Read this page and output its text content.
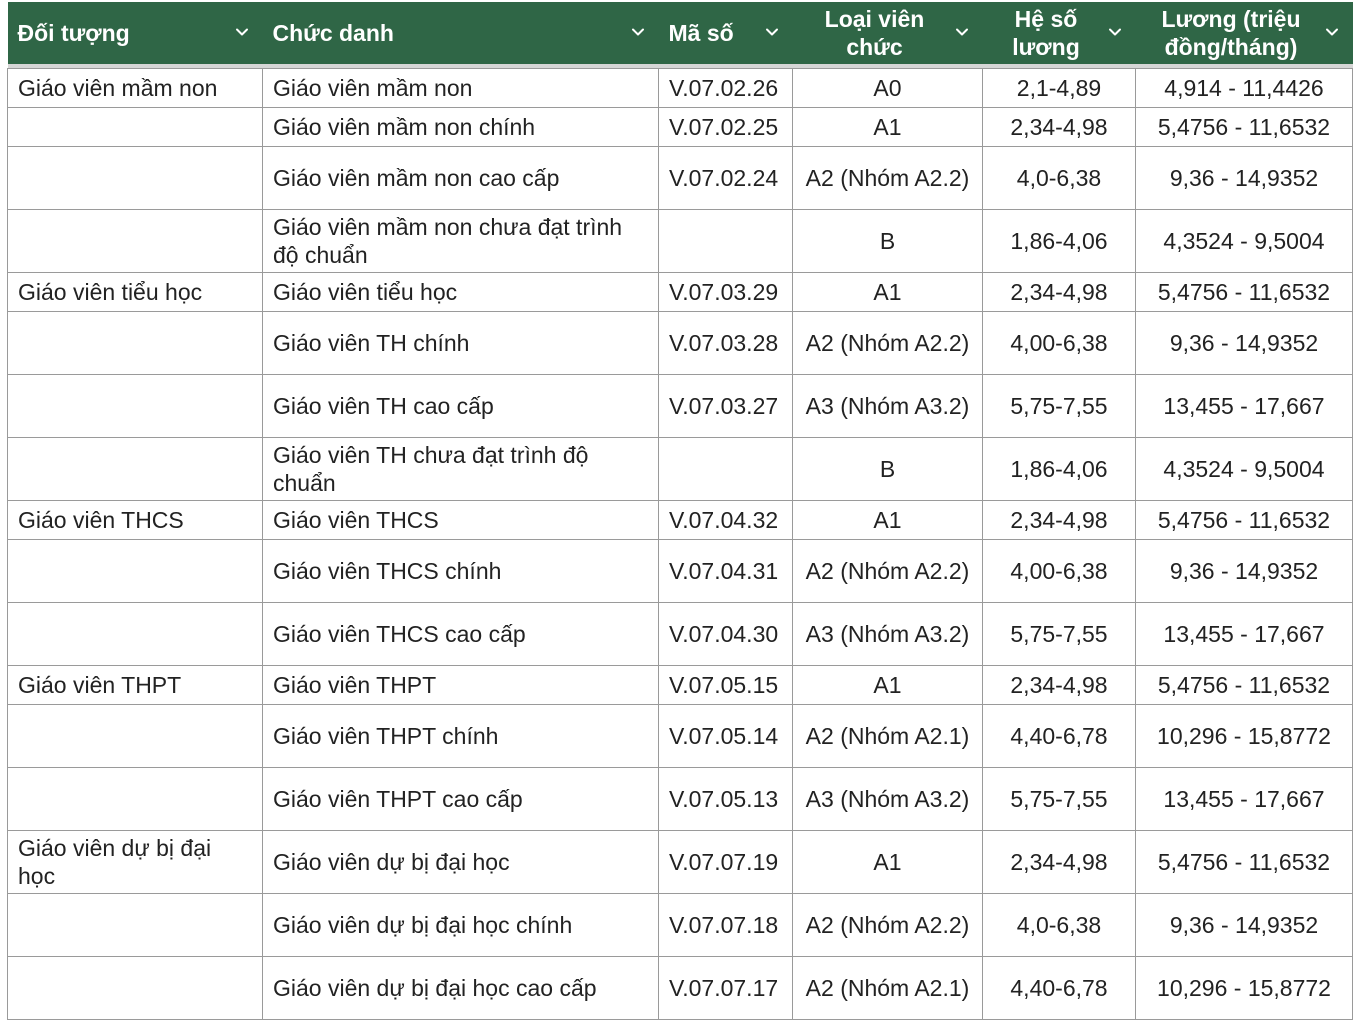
Đối tượng	Chức danh	Mã số	Loại viên chức	Hệ số lương	Lương (triệu đồng/tháng)

Giáo viên mầm non	Giáo viên mầm non	V.07.02.26	A0	2,1-4,89	4,914 - 11,4426
	Giáo viên mầm non chính	V.07.02.25	A1	2,34-4,98	5,4756 - 11,6532
	Giáo viên mầm non cao cấp	V.07.02.24	A2 (Nhóm A2.2)	4,0-6,38	9,36 - 14,9352
	Giáo viên mầm non chưa đạt trình độ chuẩn		B	1,86-4,06	4,3524 - 9,5004
Giáo viên tiểu học	Giáo viên tiểu học	V.07.03.29	A1	2,34-4,98	5,4756 - 11,6532
	Giáo viên TH chính	V.07.03.28	A2 (Nhóm A2.2)	4,00-6,38	9,36 - 14,9352
	Giáo viên TH cao cấp	V.07.03.27	A3 (Nhóm A3.2)	5,75-7,55	13,455 - 17,667
	Giáo viên TH chưa đạt trình độ chuẩn		B	1,86-4,06	4,3524 - 9,5004
Giáo viên THCS	Giáo viên THCS	V.07.04.32	A1	2,34-4,98	5,4756 - 11,6532
	Giáo viên THCS chính	V.07.04.31	A2 (Nhóm A2.2)	4,00-6,38	9,36 - 14,9352
	Giáo viên THCS cao cấp	V.07.04.30	A3 (Nhóm A3.2)	5,75-7,55	13,455 - 17,667
Giáo viên THPT	Giáo viên THPT	V.07.05.15	A1	2,34-4,98	5,4756 - 11,6532
	Giáo viên THPT chính	V.07.05.14	A2 (Nhóm A2.1)	4,40-6,78	10,296 - 15,8772
	Giáo viên THPT cao cấp	V.07.05.13	A3 (Nhóm A3.2)	5,75-7,55	13,455 - 17,667
Giáo viên dự bị đại học	Giáo viên dự bị đại học	V.07.07.19	A1	2,34-4,98	5,4756 - 11,6532
	Giáo viên dự bị đại học chính	V.07.07.18	A2 (Nhóm A2.2)	4,0-6,38	9,36 - 14,9352
	Giáo viên dự bị đại học cao cấp	V.07.07.17	A2 (Nhóm A2.1)	4,40-6,78	10,296 - 15,8772
